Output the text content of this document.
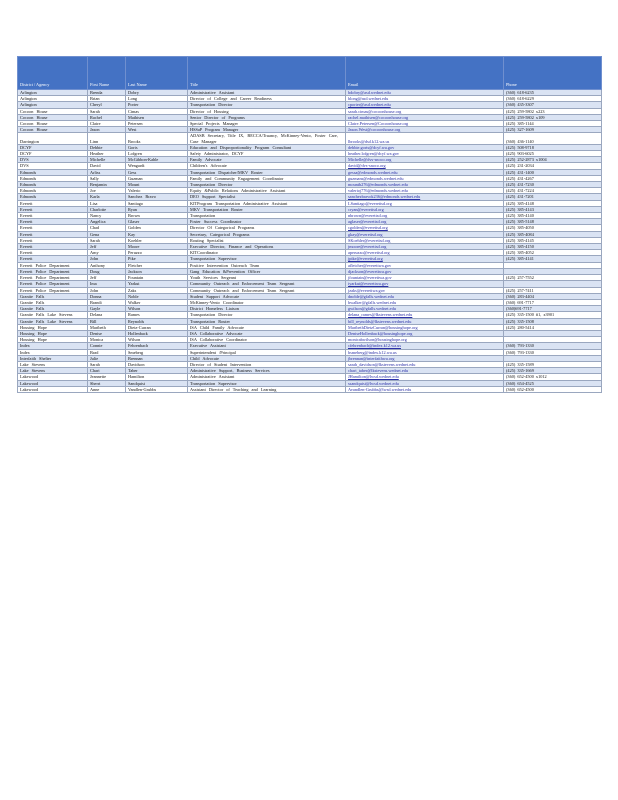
District / Agency	First Name	Last Name	Title	Email	Phone
Arlington	Brenda	Dobry	Administrative Assistant	bdobry@asd.wednet.edu	(360) 618-6235
Arlington	Brian	Long	Director of College and Career Readiness	blong@asd.wednet.edu	(360) 618-6229
Arlington	Cheryl	Porter	Transportation Director	cporter@asd.wednet.edu	(360) 435-3307
Cocoon House	Sarah	Cimas	Director of Housing	sarah.cimas@cocoonhouse.org	(425) 259-5802 x223
Cocoon House	Rachel	Mathisen	Senior Director of Programs	rachel.mathisen@cocoonhouse.org	(425) 259-5802 x109
Cocoon House	Claire	Petersen	Special Projects Manager	Claire.Petersen@Cocoonhouse.org	(425) 385-1144
Cocoon House	Jason	West	HSSaP Program Manager	Jason.West@cocoonhouse.org	(425) 327-1609
Darrington	Linn	Brooks	ADASB Secretary, Title IX, BECCA/Truancy, McKinney-Vento, Foster Care, Case Manager	lbrooks@dsd.k12.wa.us	(360) 436-1140
DCYF	Debbie	Gorts	Education and Disproportionality Program Consultant	debbie.gorts@dcyf.wa.gov	(425) 508-9718
DCYF	Heather	Lofgren	Safety Administrator, DCYF	heather.lofgren@dcyf.wa.gov	(425) 903-6025
DVS	Michelle	McGibbon-Kahle	Family Advocate	Michelle@dvs-snoco.org	(425) 252-2873 x1004
DVS	David	Wengardt	Children's Advocate	david@dvs-snoco.org	(425) 231-2034
Edmonds	Arliss	Gess	Transportation Dispatcher/MKV Router	gessa@edmonds.wednet.edu	(425) 431-1400
Edmonds	Sally	Guzman	Family and Community Engagement Coordinator	guzmans@edmonds.wednet.edu	(425) 431-4267
Edmonds	Benjamin	Mount	Transportation Director	mountb276@edmonds.wednet.edu	(425) 431-7230
Edmonds	Joe	Valerio	Equity &Public Relations Administrative Assistant	valerioj776@edmonds.wednet.edu	(425) 431-7224
Edmonds	Karla	Sanchez Bravo	DEO Support Specialist	sanchezbravok236@edmonds.wednet.edu	(425) 431-7201
Everett	Lisa	Santiago	KITProgram Transportation Administrative Assistant	LSantiago@everettsd.org	(425) 385-4148
Everett	Charlotte	Ryan	MKV Transportation Router	cryan@everettsd.org	(425) 385-4143
Everett	Nancy	Brown	Transportation	nbrown@everettsd.org	(425) 385-4140
Everett	Angelica	Glaser	Foster Success Coordinator	aglaser@everettsd.org	(425) 385-5148
Everett	Chad	Golden	Director Of Categorical Programs	cgolden@everettsd.org	(425) 385-4050
Everett	Gena	Kay	Secretary, Categorical Programs	gkay@everettsd.org	(425) 385-4084
Everett	Sarah	Koehler	Routing Specialist	SKoehler@everettsd.org	(425) 385-4145
Everett	Jeff	Moore	Executive Director, Finance and Operations	jmoore@everettsd.org	(425) 385-4150
Everett	Amy	Peruzzo	KITCoordinator	aperuzzo@everettsd.org	(425) 385-4052
Everett	John	Pike	Transportation Supervisor	jpike@everettsd.org	(425) 385-4141
Everett Police Department	Anthony	Fletcher	Positive Intervention Outreach Team	afletcher@everettwa.gov	
Everett Police Department	Doug	Jackson	Gang Education &Prevention Officer	djackson@everettwa.gov	
Everett Police Department	Jeff	Fountain	Youth Services Sergeant	jfountain@everettwa.gov	(425) 257-7552
Everett Police Department	Ima	Yarkut	Community Outreach and Enforcement Team Sergeant	iyarkut@everettwa.gov	
Everett Police Department	John	Zaks	Community Outreach and Enforcement Team Sergeant	jzaks@everettwa.gov	(425) 257-7411
Granite Falls	Donna	Noble	Student Support Advocate	dnoble@gfalls.wednet.edu	(360) 283-4404
Granite Falls	Brandi	Walker	McKinney-Vento Coordinator	bwalker@gfalls.wednet.edu	(360) 691-7717
Granite Falls	Gayle	Wilson	District Homeless Liaison	gwilson@gfalls.wednet.edu	(360)691-7717
Granite Falls Lake Stevens	Delana	Rames	Transportation Director	delana_rames@lkstevens.wednet.edu	(425) 335-1500 #1, x3901
Granite Falls Lake Stevens	Bill	Reynolds	Transportation Router	bill_reynolds@lkstevens.wednet.edu	(425) 335-1508
Housing Hope	Maribeth	Dietz-Curran	ISA Child Family Advocate	MaribethDietzCurran@housinghope.org	(425) 280-5414
Housing Hope	Denise	Hollenback	ISA Collaborative Advocate	DeniseHollenback@housinghope.org	
Housing Hope	Monica	Wilson	ISA Collaborative Coordinator	monicabwilson@housinghope.org	
Index	Connie	Fehrenbach	Executive Assistant	cfehrenbach@index.k12.wa.us	(360) 793-1330
Index	Brad	Smeberg	Superintendent /Principal	bsmeberg@index.k12.wa.us	(360) 793-1330
Interfaith Shelter	Julie	Brennan	Child Advocate	jbrennan@interfaithwa.org	
Lake Stevens	Sarah	Davidson	Director of Student Intervention	sarah_davidson@lkstevens.wednet.edu	(425) 335-1589
Lake Stevens	Chari	Taber	Administrative Support, Business Services	chari_taber@lkstevens.wednet.edu	(425) 335-1669
Lakewood	Jeannette	Hamilton	Administrative Assistant	JHamilton@lwsd.wednet.edu	(360) 652-4500 x1012
Lakewood	Sherri	Sandquist	Transportation Supervisor	ssandquist@lwsd.wednet.edu	(360) 654-4525
Lakewood	Anne	Vandlen-Grubbs	Assistant Director of Teaching and Learning	Avandlen-Grubbs@lwsd.wednet.edu	(360) 652-4500
